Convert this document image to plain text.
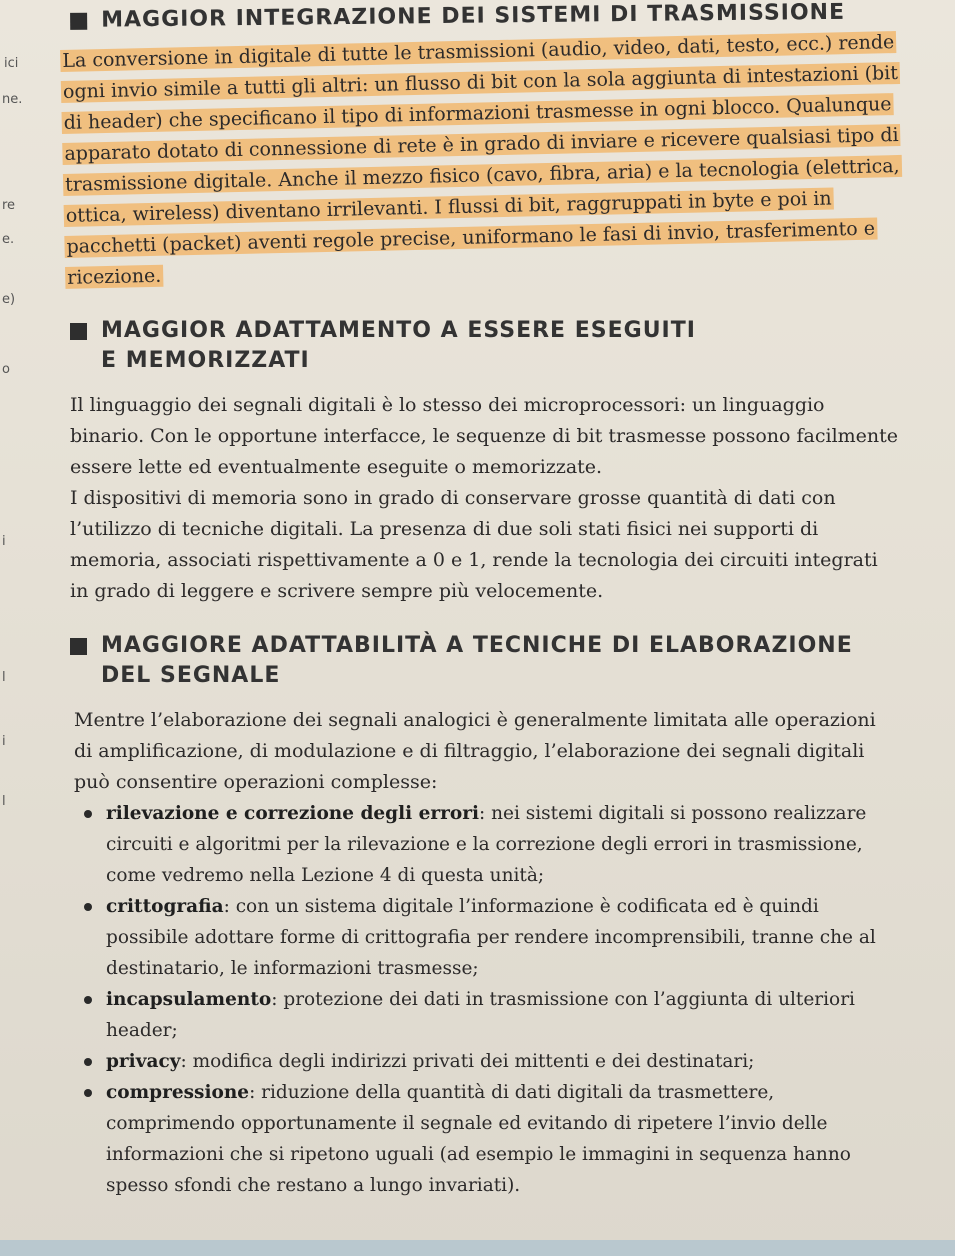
ici
ne.
re
e.
e)
o
i
l
i
l
MAGGIOR INTEGRAZIONE DEI SISTEMI DI TRASMISSIONE

La conversione in digitale di tutte le trasmissioni (audio, video, dati, testo, ecc.) rende ogni invio simile a tutti gli altri: un flusso di bit con la sola aggiunta di intestazioni (bit di header) che specificano il tipo di informazioni trasmesse in ogni blocco. Qualunque apparato dotato di connessione di rete è in grado di inviare e ricevere qualsiasi tipo di trasmissione digitale. Anche il mezzo fisico (cavo, fibra, aria) e la tecnologia (elettrica, ottica, wireless) diventano irrilevanti. I flussi di bit, raggruppati in byte e poi in pacchetti (packet) aventi regole precise, uniformano le fasi di invio, trasferimento e ricezione.

MAGGIOR ADATTAMENTO A ESSERE ESEGUITI
E MEMORIZZATI

Il linguaggio dei segnali digitali è lo stesso dei microprocessori: un linguaggio binario. Con le opportune interfacce, le sequenze di bit trasmesse possono facilmente essere lette ed eventualmente eseguite o memorizzate.

I dispositivi di memoria sono in grado di conservare grosse quantità di dati con l’utilizzo di tecniche digitali. La presenza di due soli stati fisici nei supporti di memoria, associati rispettivamente a 0 e 1, rende la tecnologia dei circuiti integrati in grado di leggere e scrivere sempre più velocemente.

MAGGIORE ADATTABILITÀ A TECNICHE DI ELABORAZIONE
DEL SEGNALE

Mentre l’elaborazione dei segnali analogici è generalmente limitata alle operazioni di amplificazione, di modulazione e di filtraggio, l’elaborazione dei segnali digitali può consentire operazioni complesse:

rilevazione e correzione degli errori: nei sistemi digitali si possono realizzare circuiti e algoritmi per la rilevazione e la correzione degli errori in trasmissione, come vedremo nella Lezione 4 di questa unità;
crittografia: con un sistema digitale l’informazione è codificata ed è quindi possibile adottare forme di crittografia per rendere incomprensibili, tranne che al destinatario, le informazioni trasmesse;
incapsulamento: protezione dei dati in trasmissione con l’aggiunta di ulteriori header;
privacy: modifica degli indirizzi privati dei mittenti e dei destinatari;
compressione: riduzione della quantità di dati digitali da trasmettere, comprimendo opportunamente il segnale ed evitando di ripetere l’invio delle informazioni che si ripetono uguali (ad esempio le immagini in sequenza hanno spesso sfondi che restano a lungo invariati).
